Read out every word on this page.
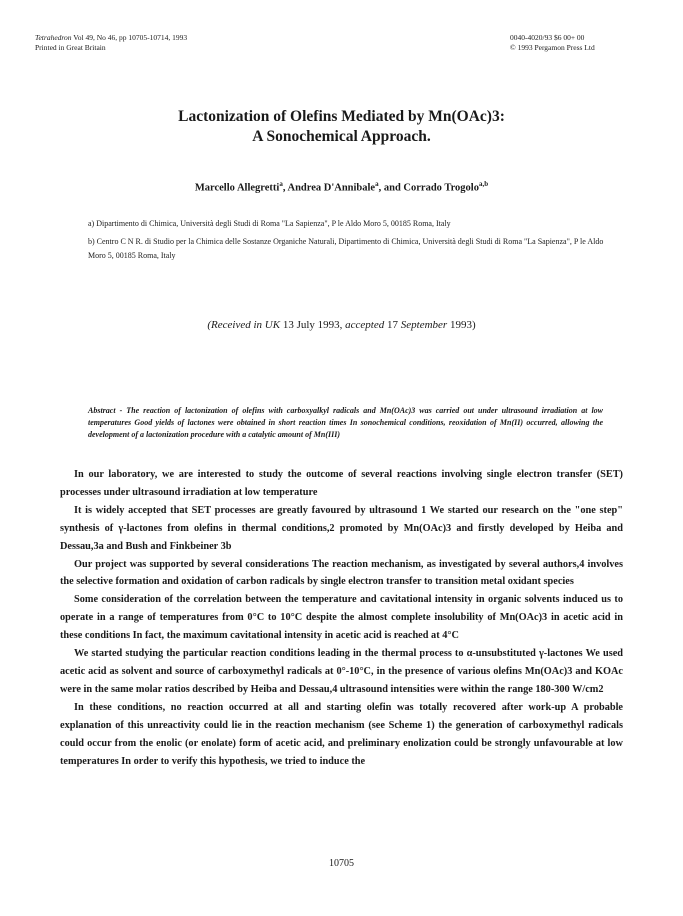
Tetrahedron Vol 49, No 46, pp 10705-10714, 1993
Printed in Great Britain
0040-4020/93 $6 00+ 00
© 1993 Pergamon Press Ltd
Lactonization of Olefins Mediated by Mn(OAc)3:
A Sonochemical Approach.
Marcello Allegretti$^a$, Andrea D'Annibale$^a$, and Corrado Trogolo$^{a,b}$
a) Dipartimento di Chimica, Università degli Studi di Roma "La Sapienza", P le Aldo Moro 5, 00185 Roma, Italy
b) Centro C N R. di Studio per la Chimica delle Sostanze Organiche Naturali, Dipartimento di Chimica, Università degli Studi di Roma "La Sapienza", P le Aldo Moro 5, 00185 Roma, Italy
(Received in UK 13 July 1993, accepted 17 September 1993)
Abstract - The reaction of lactonization of olefins with carboxyalkyl radicals and Mn(OAc)3 was carried out under ultrasound irradiation at low temperatures Good yields of lactones were obtained in short reaction times In sonochemical conditions, reoxidation of Mn(II) occurred, allowing the development of a lactonization procedure with a catalytic amount of Mn(III)

In our laboratory, we are interested to study the outcome of several reactions involving single electron transfer (SET) processes under ultrasound irradiation at low temperature

It is widely accepted that SET processes are greatly favoured by ultrasound 1 We started our research on the "one step" synthesis of γ-lactones from olefins in thermal conditions,2 promoted by Mn(OAc)3 and firstly developed by Heiba and Dessau,3a and Bush and Finkbeiner 3b

Our project was supported by several considerations The reaction mechanism, as investigated by several authors,4 involves the selective formation and oxidation of carbon radicals by single electron transfer to transition metal oxidant species

Some consideration of the correlation between the temperature and cavitational intensity in organic solvents induced us to operate in a range of temperatures from 0°C to 10°C despite the almost complete insolubility of Mn(OAc)3 in acetic acid in these conditions In fact, the maximum cavitational intensity in acetic acid is reached at 4°C

We started studying the particular reaction conditions leading in the thermal process to α-unsubstituted γ-lactones We used acetic acid as solvent and source of carboxymethyl radicals at 0°-10°C, in the presence of various olefins Mn(OAc)3 and KOAc were in the same molar ratios described by Heiba and Dessau,4 ultrasound intensities were within the range 180-300 W/cm2

In these conditions, no reaction occurred at all and starting olefin was totally recovered after work-up A probable explanation of this unreactivity could lie in the reaction mechanism (see Scheme 1) the generation of carboxymethyl radicals could occur from the enolic (or enolate) form of acetic acid, and preliminary enolization could be strongly unfavourable at low temperatures In order to verify this hypothesis, we tried to induce the

10705
